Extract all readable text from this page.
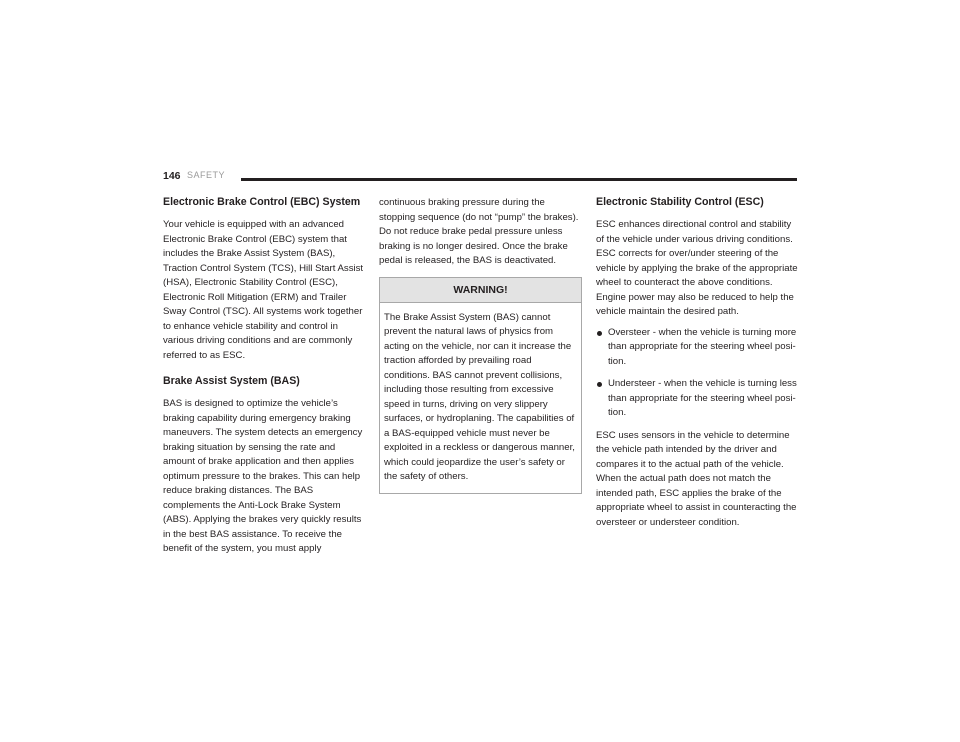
146 SAFETY
Electronic Brake Control (EBC) System

Your vehicle is equipped with an advanced Electronic Brake Control (EBC) system that includes the Brake Assist System (BAS), Traction Control System (TCS), Hill Start Assist (HSA), Electronic Stability Control (ESC), Electronic Roll Mitigation (ERM) and Trailer Sway Control (TSC). All systems work together to enhance vehicle stability and control in various driving conditions and are commonly referred to as ESC.

Brake Assist System (BAS)

BAS is designed to optimize the vehicle’s braking capability during emergency braking maneuvers. The system detects an emergency braking situation by sensing the rate and amount of brake application and then applies optimum pressure to the brakes. This can help reduce braking distances. The BAS complements the Anti-Lock Brake System (ABS). Applying the brakes very quickly results in the best BAS assistance. To receive the benefit of the system, you must apply

continuous braking pressure during the stopping sequence (do not “pump” the brakes). Do not reduce brake pedal pressure unless braking is no longer desired. Once the brake pedal is released, the BAS is deactivated.

WARNING!

The Brake Assist System (BAS) cannot prevent the natural laws of physics from acting on the vehicle, nor can it increase the traction afforded by prevailing road conditions. BAS cannot prevent collisions, including those resulting from excessive speed in turns, driving on very slippery surfaces, or hydroplaning. The capabilities of a BAS-equipped vehicle must never be exploited in a reckless or dangerous manner, which could jeopardize the user’s safety or the safety of others.

Electronic Stability Control (ESC)

ESC enhances directional control and stability of the vehicle under various driving conditions. ESC corrects for over/under steering of the vehicle by applying the brake of the appropriate wheel to counteract the above conditions. Engine power may also be reduced to help the vehicle maintain the desired path.

Oversteer - when the vehicle is turning more than appropriate for the steering wheel posi-tion.
Understeer - when the vehicle is turning less than appropriate for the steering wheel posi-tion.

ESC uses sensors in the vehicle to determine the vehicle path intended by the driver and compares it to the actual path of the vehicle. When the actual path does not match the intended path, ESC applies the brake of the appropriate wheel to assist in counteracting the oversteer or understeer condition.
